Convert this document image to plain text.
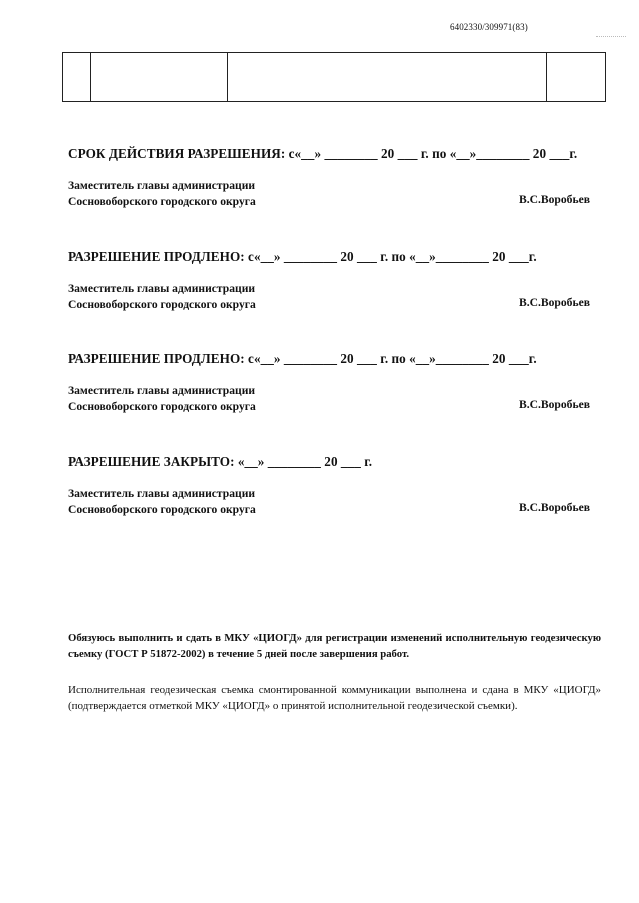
6402330/309971(83)
СРОК ДЕЙСТВИЯ РАЗРЕШЕНИЯ: с«__» ________ 20 ___ г. по «__»________ 20 ___г.
Заместитель главы администрации
Сосновоборского городского округа	В.С.Воробьев
РАЗРЕШЕНИЕ ПРОДЛЕНО: с«__» ________ 20 ___ г. по «__»________ 20 ___г.
Заместитель главы администрации
Сосновоборского городского округа	В.С.Воробьев
РАЗРЕШЕНИЕ ПРОДЛЕНО: с«__» ________ 20 ___ г. по «__»________ 20 ___г.
Заместитель главы администрации
Сосновоборского городского округа	В.С.Воробьев
РАЗРЕШЕНИЕ ЗАКРЫТО: «__» ________ 20 ___ г.
Заместитель главы администрации
Сосновоборского городского округа	В.С.Воробьев
Обязуюсь выполнить и сдать в МКУ «ЦИОГД» для регистрации изменений исполнительную геодезическую съемку (ГОСТ Р 51872-2002) в течение 5 дней после завершения работ.
Исполнительная геодезическая съемка смонтированной коммуникации выполнена и сдана в МКУ «ЦИОГД» (подтверждается отметкой МКУ «ЦИОГД» о принятой исполнительной геодезической съемки).
